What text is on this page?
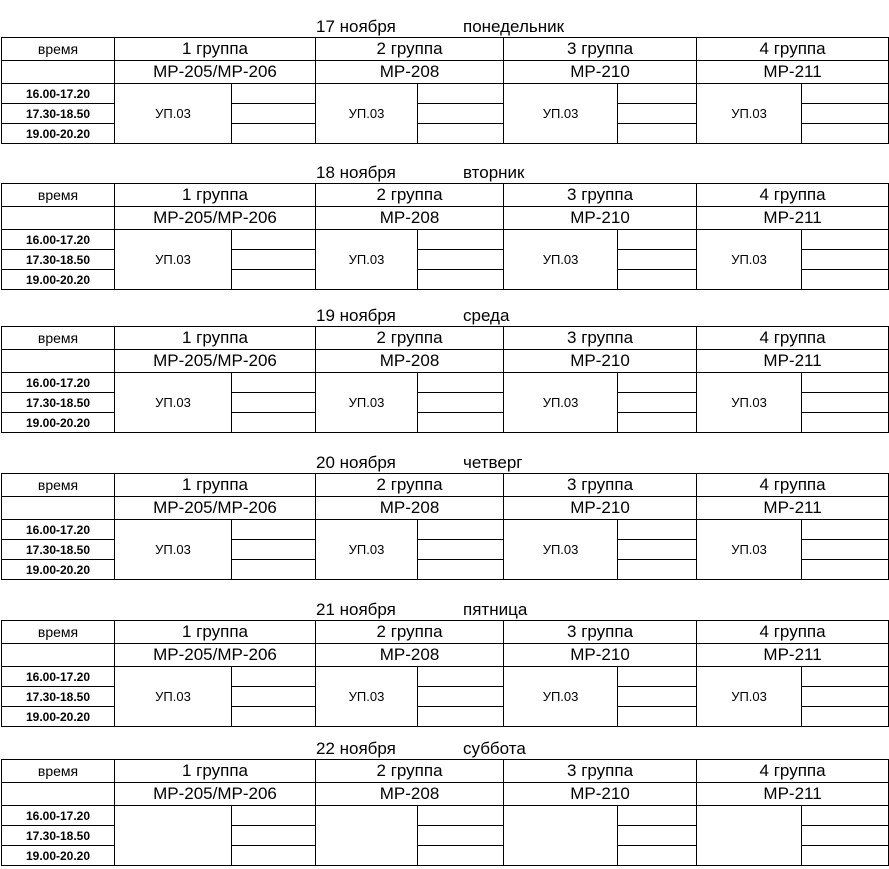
17 ноября	понедельник
время	1 группа		2 группа		3 группа		4 группа	
	МР-205/МР-206		МР-208		МР-210		МР-211	
16.00-17.20	УП.03		УП.03		УП.03		УП.03	
17.30-18.50								
19.00-20.20								
18 ноября	вторник
время	1 группа		2 группа		3 группа		4 группа	
	МР-205/МР-206		МР-208		МР-210		МР-211	
16.00-17.20	УП.03		УП.03		УП.03		УП.03	
17.30-18.50								
19.00-20.20								
19 ноября	среда
время	1 группа		2 группа		3 группа		4 группа	
	МР-205/МР-206		МР-208		МР-210		МР-211	
16.00-17.20	УП.03		УП.03		УП.03		УП.03	
17.30-18.50								
19.00-20.20								
20 ноября	четверг
время	1 группа		2 группа		3 группа		4 группа	
	МР-205/МР-206		МР-208		МР-210		МР-211	
16.00-17.20	УП.03		УП.03		УП.03		УП.03	
17.30-18.50								
19.00-20.20								
21 ноября	пятница
время	1 группа		2 группа		3 группа		4 группа	
	МР-205/МР-206		МР-208		МР-210		МР-211	
16.00-17.20	УП.03		УП.03		УП.03		УП.03	
17.30-18.50								
19.00-20.20								
22 ноября	суббота
время	1 группа		2 группа		3 группа		4 группа	
	МР-205/МР-206		МР-208		МР-210		МР-211	
16.00-17.20								
17.30-18.50								
19.00-20.20								
